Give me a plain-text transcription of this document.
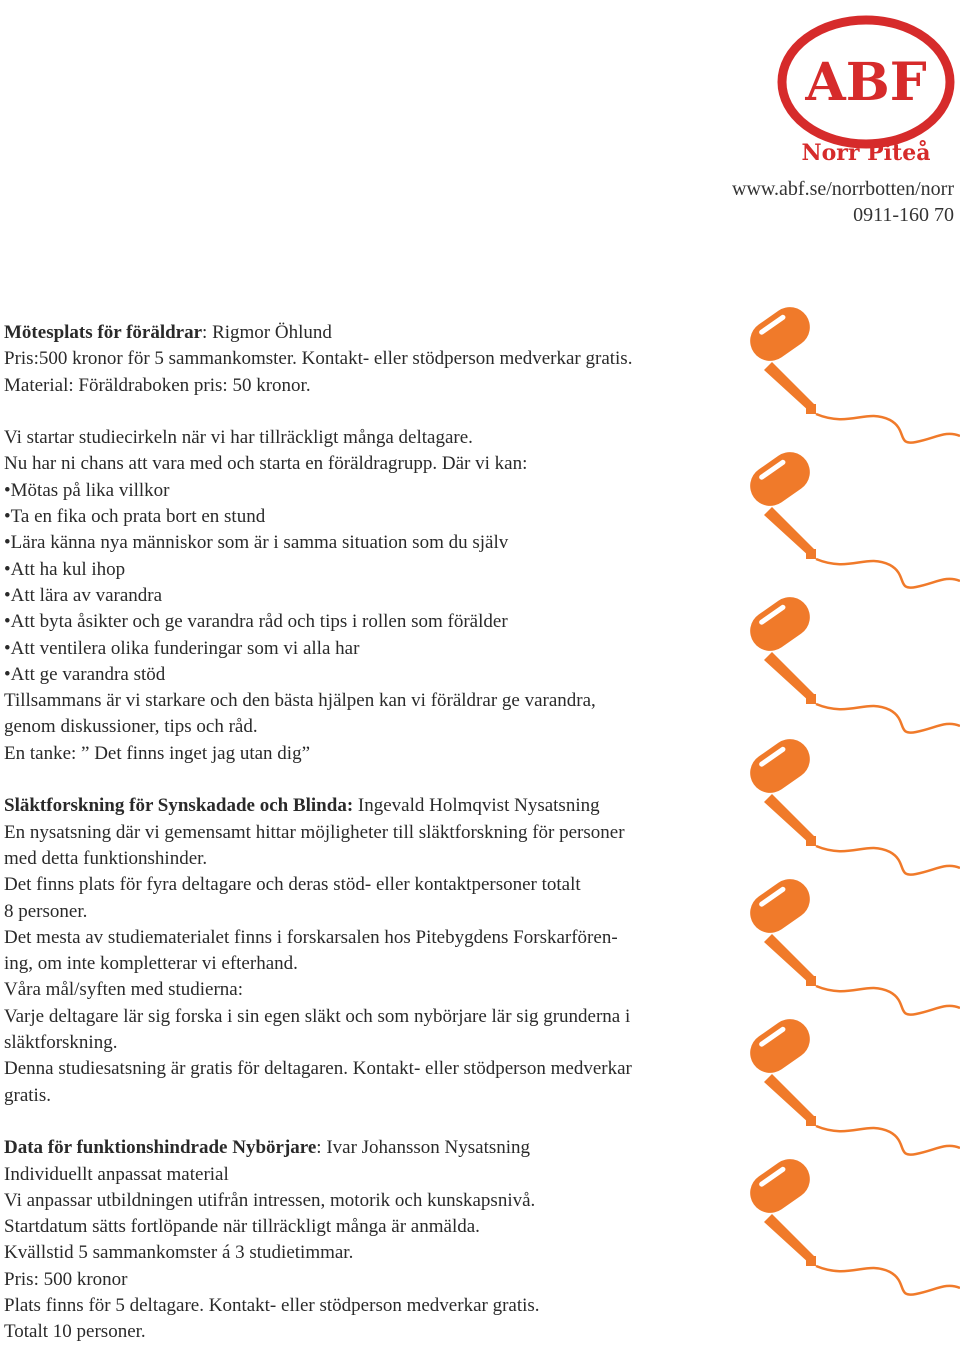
ABF
Norr Piteå
www.abf.se/norrbotten/norr
0911-160 70

Mötesplats för föräldrar: Rigmor Öhlund

Pris:500 kronor för 5 sammankomster. Kontakt- eller stödperson medverkar gratis.

Material: Föräldraboken pris: 50 kronor.

Vi startar studiecirkeln när vi har tillräckligt många deltagare.

Nu har ni chans att vara med och starta en föräldragrupp. Där vi kan:

•Mötas på lika villkor

•Ta en fika och prata bort en stund

•Lära känna nya människor som är i samma situation som du själv

•Att ha kul ihop

•Att lära av varandra

•Att byta åsikter och ge varandra råd och tips i rollen som förälder

•Att ventilera olika funderingar som vi alla har

•Att ge varandra stöd

Tillsammans är vi starkare och den bästa hjälpen kan vi föräldrar ge varandra,

genom diskussioner, tips och råd.

En tanke: ” Det finns inget jag utan dig”

Släktforskning för Synskadade och Blinda: Ingevald Holmqvist Nysatsning

En nysatsning där vi gemensamt hittar möjligheter till släktforskning för personer

med detta funktionshinder.

Det finns plats för fyra deltagare och deras stöd- eller kontaktpersoner totalt

8 personer.

Det mesta av studiematerialet finns i forskarsalen hos Pitebygdens Forskarfören-

ing, om inte kompletterar vi efterhand.

Våra mål/syften med studierna:

Varje deltagare lär sig forska i sin egen släkt och som nybörjare lär sig grunderna i

släktforskning.

Denna studiesatsning är gratis för deltagaren. Kontakt- eller stödperson medverkar

gratis.

Data för funktionshindrade Nybörjare: Ivar Johansson Nysatsning

Individuellt anpassat material

Vi anpassar utbildningen utifrån intressen, motorik och kunskapsnivå.

Startdatum sätts fortlöpande när tillräckligt många är anmälda.

Kvällstid 5 sammankomster á 3 studietimmar.

Pris: 500 kronor

Plats finns för 5 deltagare. Kontakt- eller stödperson medverkar gratis.

Totalt 10 personer.
